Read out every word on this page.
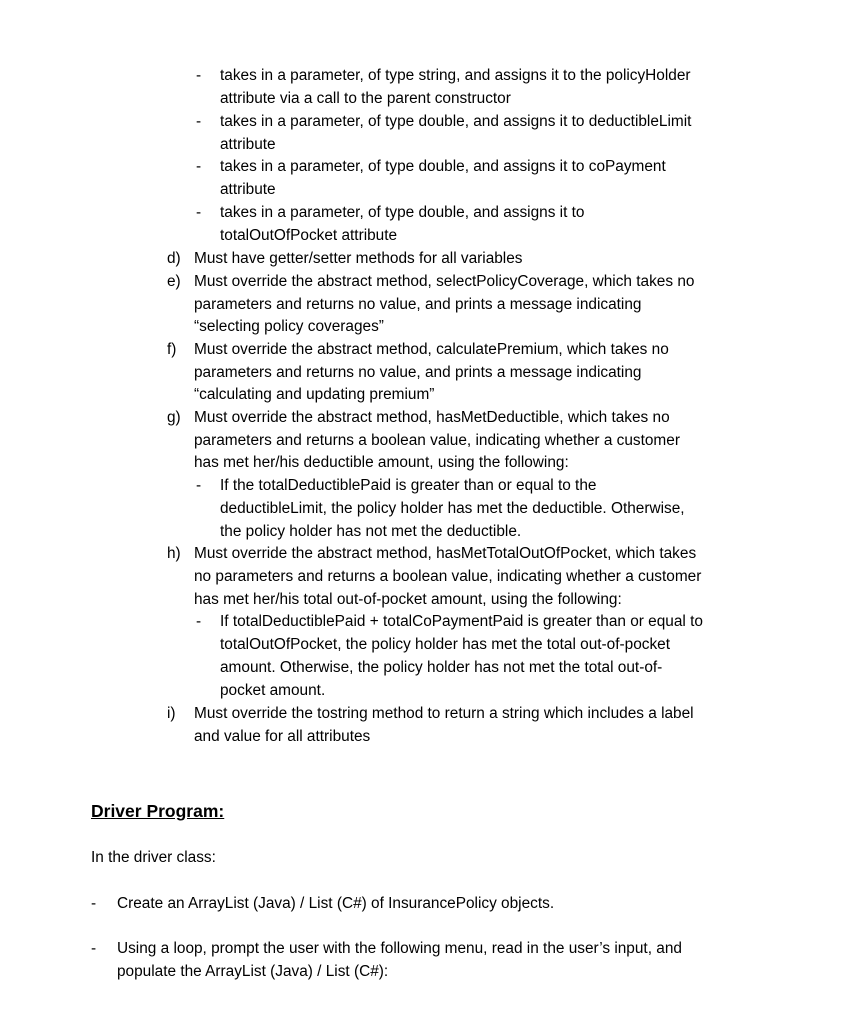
- takes in a parameter, of type string, and assigns it to the policyHolder
attribute via a call to the parent constructor
- takes in a parameter, of type double, and assigns it to deductibleLimit
attribute
- takes in a parameter, of type double, and assigns it to coPayment
attribute
- takes in a parameter, of type double, and assigns it to
totalOutOfPocket attribute
d) Must have getter/setter methods for all variables
e) Must override the abstract method, selectPolicyCoverage, which takes no
parameters and returns no value, and prints a message indicating
“selecting policy coverages”
f) Must override the abstract method, calculatePremium, which takes no
parameters and returns no value, and prints a message indicating
“calculating and updating premium”
g) Must override the abstract method, hasMetDeductible, which takes no
parameters and returns a boolean value, indicating whether a customer
has met her/his deductible amount, using the following:
- If the totalDeductiblePaid is greater than or equal to the
deductibleLimit, the policy holder has met the deductible. Otherwise,
the policy holder has not met the deductible.
h) Must override the abstract method, hasMetTotalOutOfPocket, which takes
no parameters and returns a boolean value, indicating whether a customer
has met her/his total out-of-pocket amount, using the following:
- If totalDeductiblePaid + totalCoPaymentPaid is greater than or equal to
totalOutOfPocket, the policy holder has met the total out-of-pocket
amount. Otherwise, the policy holder has not met the total out-of-
pocket amount.
i) Must override the tostring method to return a string which includes a label
and value for all attributes
Driver Program:
In the driver class:
- Create an ArrayList (Java) / List (C#) of InsurancePolicy objects.
- Using a loop, prompt the user with the following menu, read in the user’s input, and
populate the ArrayList (Java) / List (C#):
